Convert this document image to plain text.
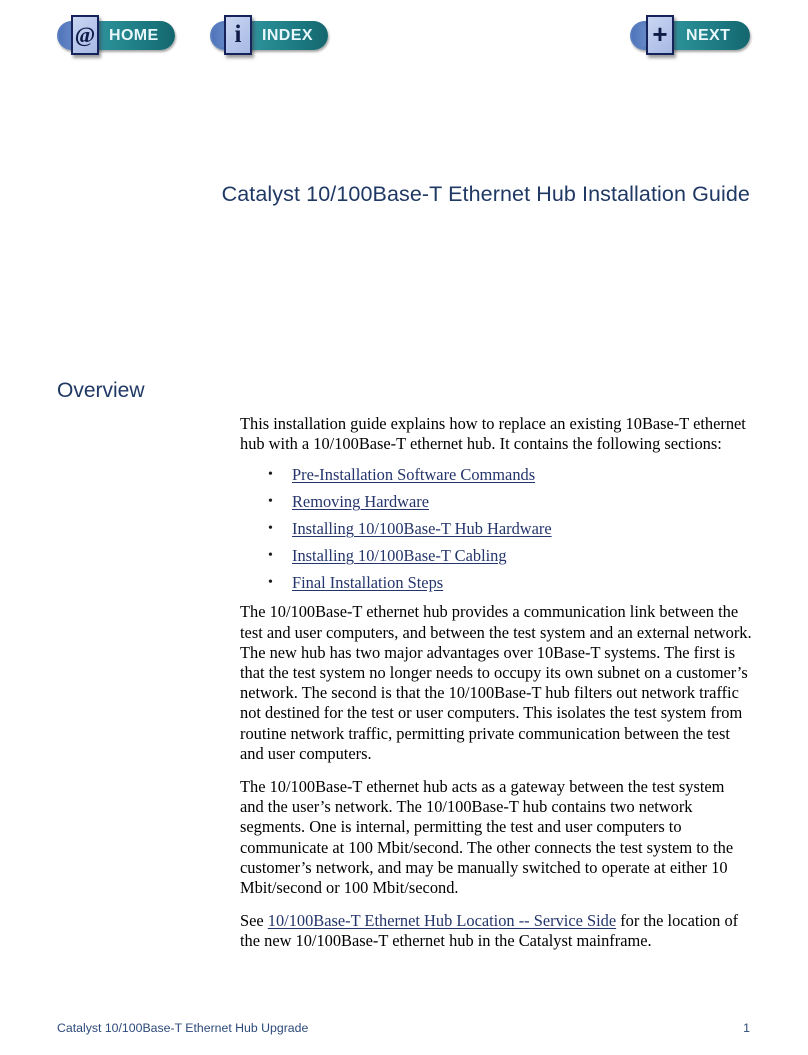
@ HOME	i	INDEX	+	NEXT
Catalyst 10/100Base-T Ethernet Hub Installation Guide
Overview

This installation guide explains how to replace an existing 10Base-T ethernet hub with a 10/100Base-T ethernet hub. It contains the following sections:

• Pre-Installation Software Commands
• Removing Hardware
• Installing 10/100Base-T Hub Hardware
• Installing 10/100Base-T Cabling
• Final Installation Steps

The 10/100Base-T ethernet hub provides a communication link between the test and user computers, and between the test system and an external network. The new hub has two major advantages over 10Base-T systems. The first is that the test system no longer needs to occupy its own subnet on a customer’s network. The second is that the 10/100Base-T hub filters out network traffic not destined for the test or user computers. This isolates the test system from routine network traffic, permitting private communication between the test and user computers.

The 10/100Base-T ethernet hub acts as a gateway between the test system and the user’s network. The 10/100Base-T hub contains two network segments. One is internal, permitting the test and user computers to communicate at 100 Mbit/second. The other connects the test system to the customer’s network, and may be manually switched to operate at either 10 Mbit/second or 100 Mbit/second.

See 10/100Base-T Ethernet Hub Location -- Service Side for the location of the new 10/100Base-T ethernet hub in the Catalyst mainframe.

Catalyst 10/100Base-T Ethernet Hub Upgrade	1
